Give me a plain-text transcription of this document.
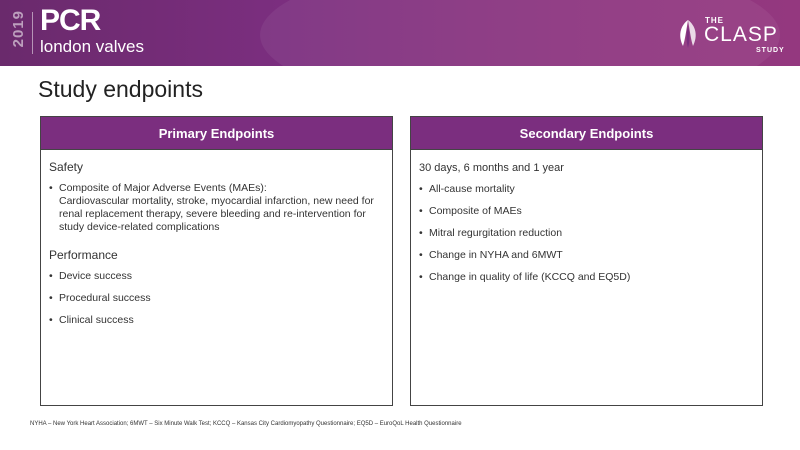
2019 PCR
london valves
THE
CLASP
STUDY
Study endpoints
Primary Endpoints
Safety
• Composite of Major Adverse Events (MAEs):
Cardiovascular mortality, stroke, myocardial infarction, new need for renal replacement therapy, severe bleeding and re-intervention for study device-related complications
Performance
• Device success
• Procedural success
• Clinical success
Secondary Endpoints
30 days, 6 months and 1 year
• All-cause mortality
• Composite of MAEs
• Mitral regurgitation reduction
• Change in NYHA and 6MWT
• Change in quality of life (KCCQ and EQ5D)
NYHA – New York Heart Association; 6MWT – Six Minute Walk Test; KCCQ – Kansas City Cardiomyopathy Questionnaire; EQ5D – EuroQoL Health Questionnaire
